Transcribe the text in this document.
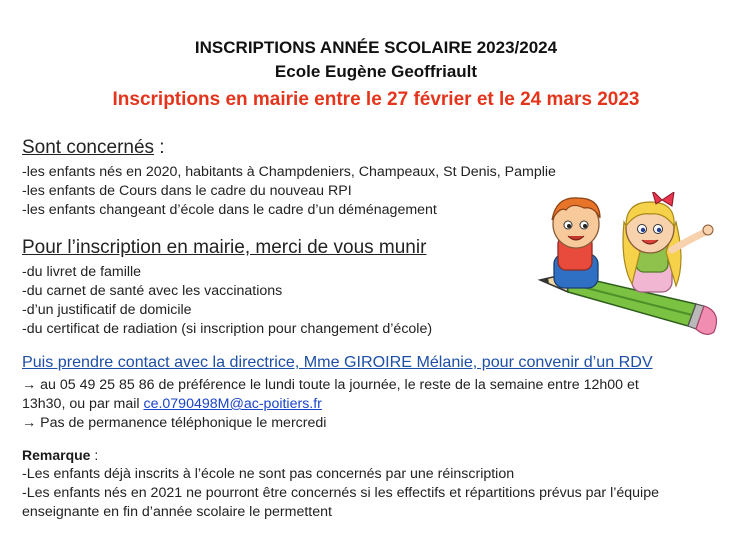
INSCRIPTIONS ANNÉE SCOLAIRE 2023/2024
Ecole Eugène Geoffriault
Inscriptions en mairie entre le 27 février et le 24 mars 2023
Sont concernés :
-les enfants nés en 2020, habitants à Champdeniers, Champeaux, St Denis, Pamplie
-les enfants de Cours dans le cadre du nouveau RPI
-les enfants changeant d’école dans le cadre d’un déménagement
Pour l’inscription en mairie, merci de vous munir
-du livret de famille
-du carnet de santé avec les vaccinations
-d’un justificatif de domicile
-du certificat de radiation (si inscription pour changement d’école)
Puis prendre contact avec la directrice, Mme GIROIRE Mélanie, pour convenir d’un RDV
→ au 05 49 25 85 86 de préférence le lundi toute la journée, le reste de la semaine entre 12h00 et
13h30, ou par mail ce.0790498M@ac-poitiers.fr
→ Pas de permanence téléphonique le mercredi
Remarque :
-Les enfants déjà inscrits à l’école ne sont pas concernés par une réinscription
-Les enfants nés en 2021 ne pourront être concernés si les effectifs et répartitions prévus par l’équipe
enseignante en fin d’année scolaire le permettent
